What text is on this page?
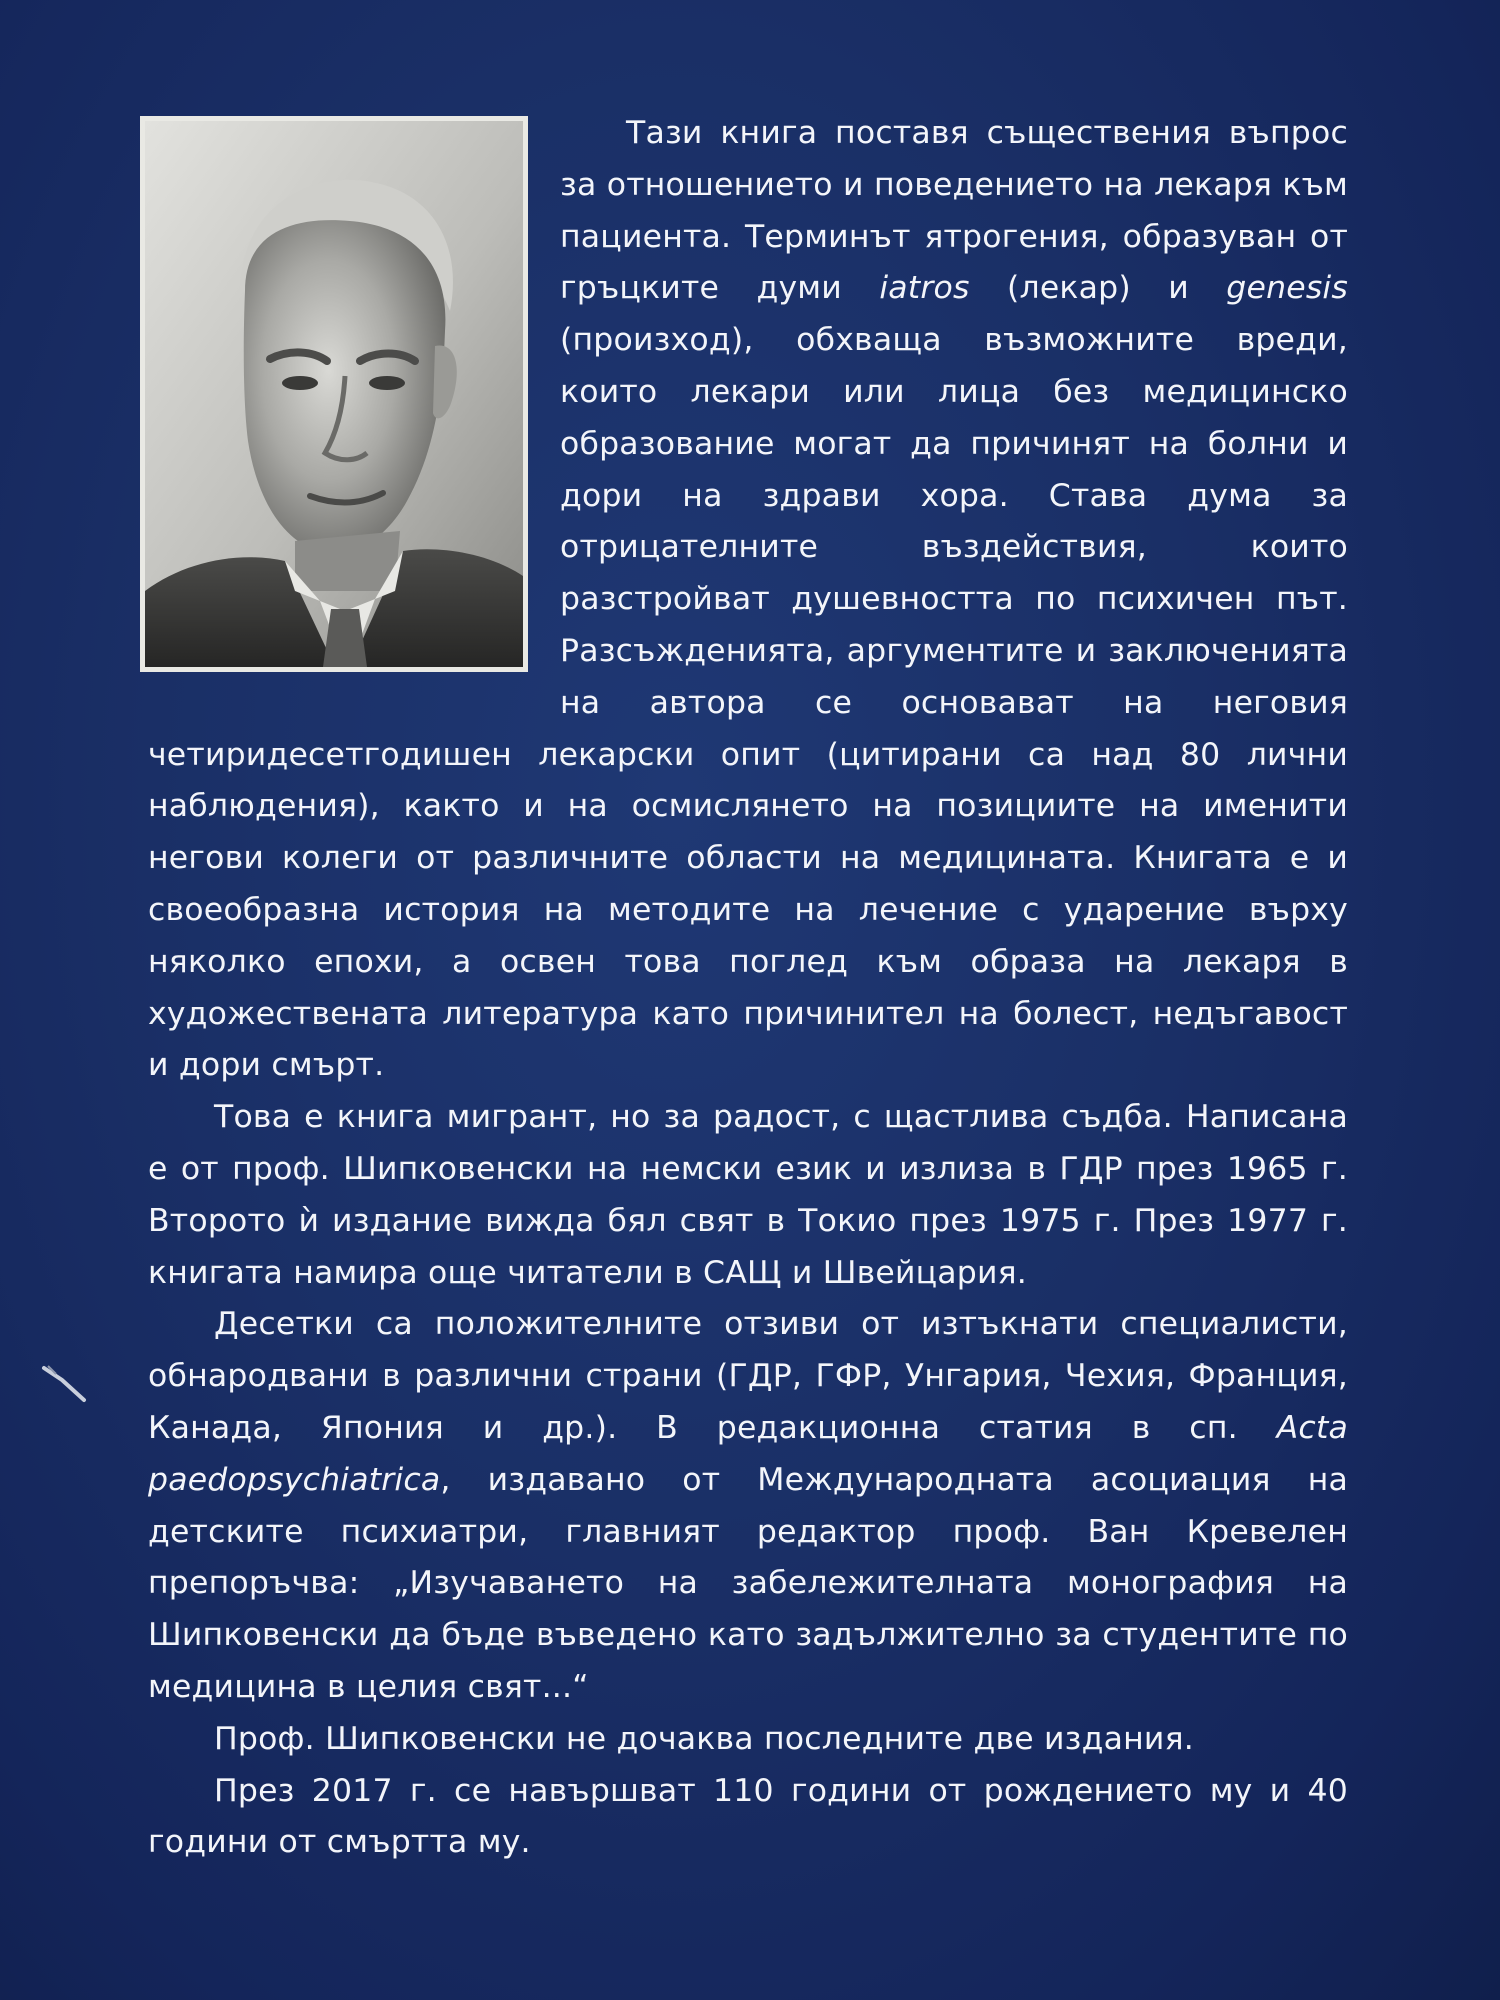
Тази книга поставя съществения въпрос за отношението и поведението на лекаря към пациента. Терминът ятрогения, образуван от гръцките думи iatros (лекар) и genesis (произход), обхваща възможните вреди, които лекари или лица без медицинско образование могат да причинят на болни и дори на здрави хора. Става дума за отрицателните въздействия, които разстройват душевността по психичен път. Разсъжденията, аргументите и заключенията на автора се основават на неговия четиридесетгодишен лекарски опит (цитирани са над 80 лични наблюдения), както и на осмислянето на позициите на именити негови колеги от различните области на медицината. Книгата е и своеобразна история на методите на лечение с ударение върху няколко епохи, а освен това поглед към образа на лекаря в художествената литература като причинител на болест, недъгавост и дори смърт.

Това е книга мигрант, но за радост, с щастлива съдба. Написана е от проф. Шипковенски на немски език и излиза в ГДР през 1965 г. Второто ѝ издание вижда бял свят в Токио през 1975 г. През 1977 г. книгата намира още читатели в САЩ и Швейцария.

Десетки са положителните отзиви от изтъкнати специалисти, обнародвани в различни страни (ГДР, ГФР, Унгария, Чехия, Франция, Канада, Япония и др.). В редакционна статия в сп. Acta paedopsychiatrica, издавано от Международната асоциация на детските психиатри, главният редактор проф. Ван Кревелен препоръчва: „Изучаването на забележителната монография на Шипковенски да бъде въведено като задължително за студентите по медицина в целия свят...“

Проф. Шипковенски не дочаква последните две издания.

През 2017 г. се навършват 110 години от рождението му и 40 години от смъртта му.
